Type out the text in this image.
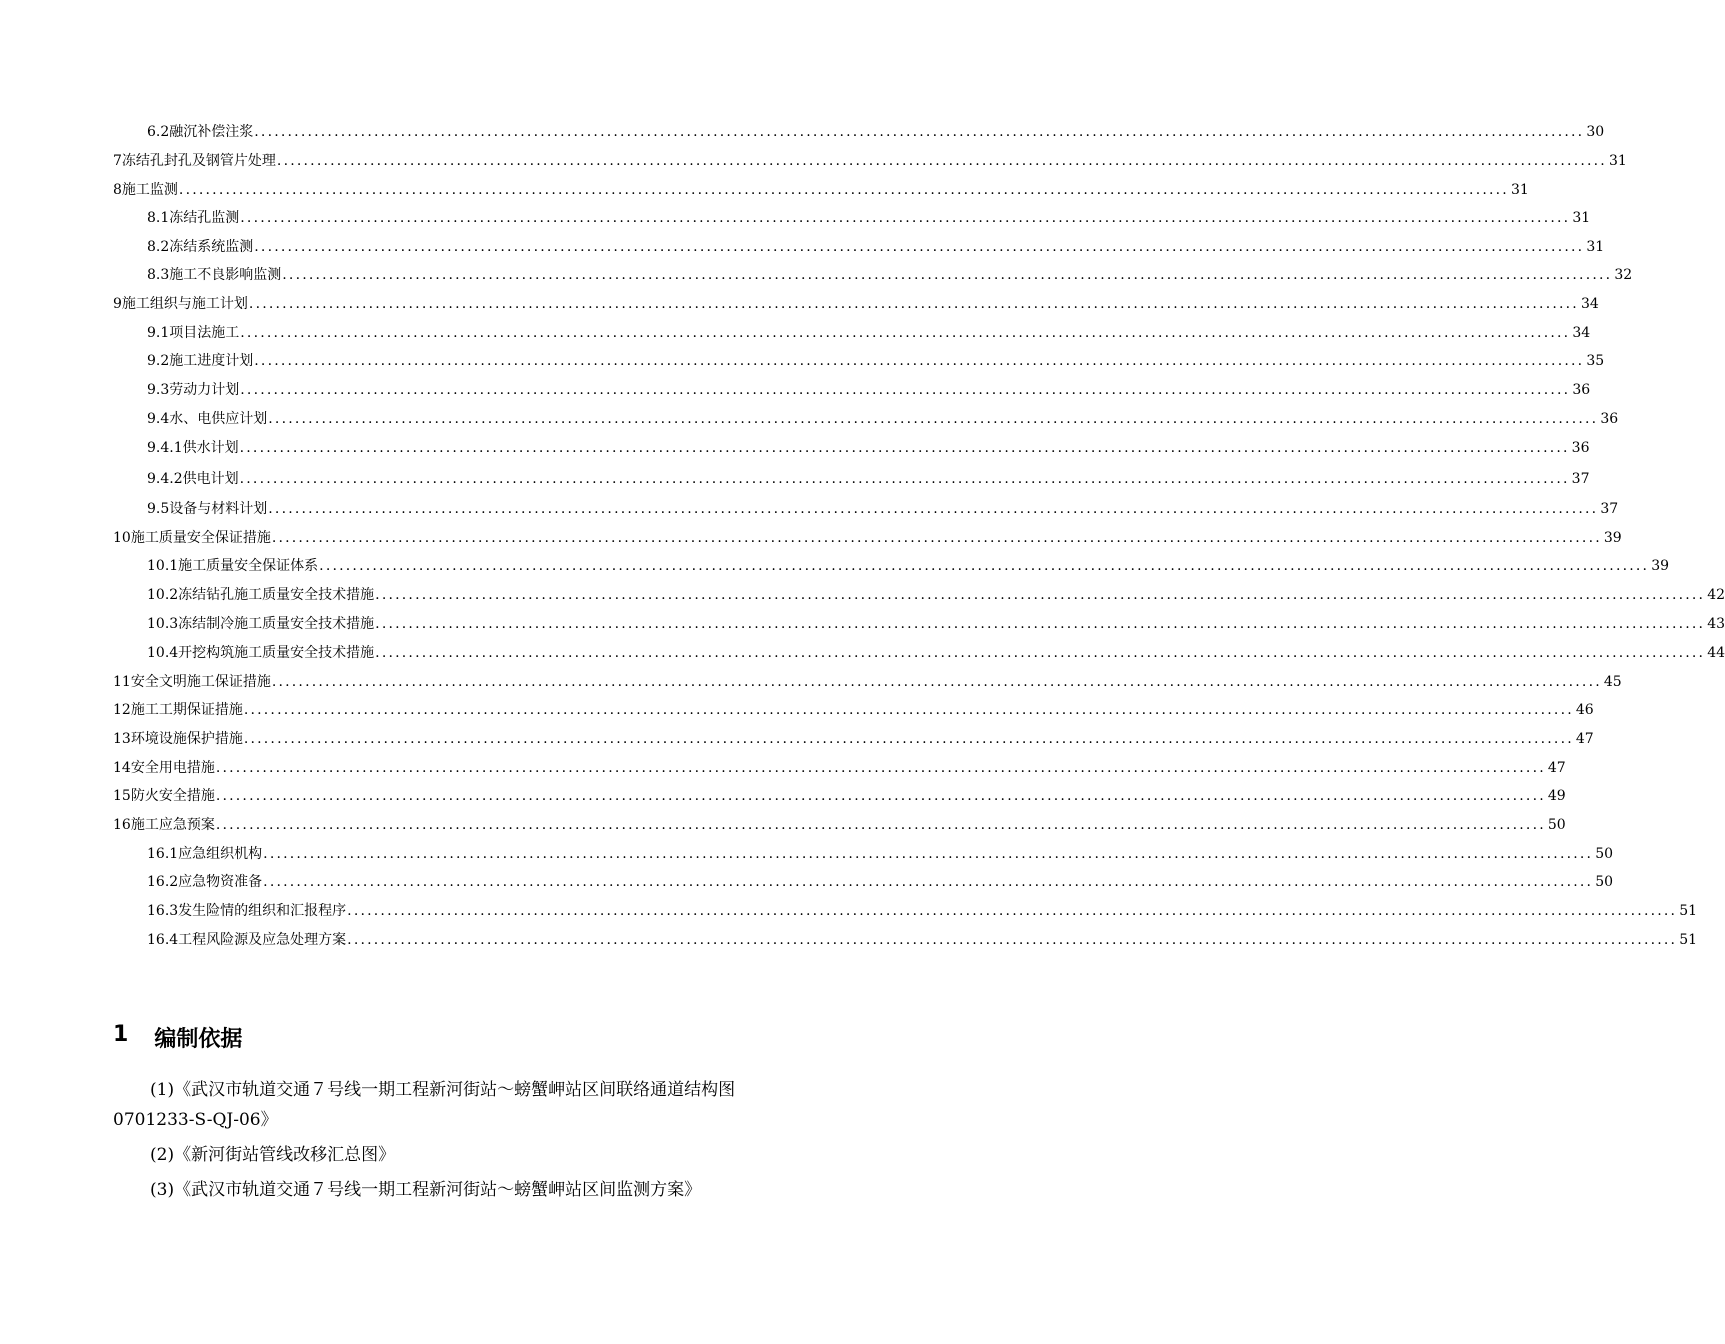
6.2 融沉补偿注浆 ........................................................................................................................................................................................................ 30
7 冻结孔封孔及钢管片处理 ........................................................................................................................................................................................................ 31
8 施工监测 ........................................................................................................................................................................................................ 31
8.1 冻结孔监测 ........................................................................................................................................................................................................ 31
8.2 冻结系统监测 ........................................................................................................................................................................................................ 31
8.3 施工不良影响监测 ........................................................................................................................................................................................................ 32
9 施工组织与施工计划 ........................................................................................................................................................................................................ 34
9.1 项目法施工 ........................................................................................................................................................................................................ 34
9.2 施工进度计划 ........................................................................................................................................................................................................ 35
9.3 劳动力计划 ........................................................................................................................................................................................................ 36
9.4 水、电供应计划 ........................................................................................................................................................................................................ 36
9.4.1 供水计划 ........................................................................................................................................................................................................ 36
9.4.2 供电计划 ........................................................................................................................................................................................................ 37
9.5 设备与材料计划 ........................................................................................................................................................................................................ 37
10 施工质量安全保证措施 ........................................................................................................................................................................................................ 39
10.1 施工质量安全保证体系 ........................................................................................................................................................................................................ 39
10.2 冻结钻孔施工质量安全技术措施 ........................................................................................................................................................................................................ 42
10.3 冻结制冷施工质量安全技术措施 ........................................................................................................................................................................................................ 43
10.4 开挖构筑施工质量安全技术措施 ........................................................................................................................................................................................................ 44
11 安全文明施工保证措施 ........................................................................................................................................................................................................ 45
12 施工工期保证措施 ........................................................................................................................................................................................................ 46
13 环境设施保护措施 ........................................................................................................................................................................................................ 47
14 安全用电措施 ........................................................................................................................................................................................................ 47
15 防火安全措施 ........................................................................................................................................................................................................ 49
16 施工应急预案 ........................................................................................................................................................................................................ 50
16.1 应急组织机构 ........................................................................................................................................................................................................ 50
16.2 应急物资准备 ........................................................................................................................................................................................................ 50
16.3 发生险情的组织和汇报程序 ........................................................................................................................................................................................................ 51
16.4 工程风险源及应急处理方案 ........................................................................................................................................................................................................ 51
1 编制依据
(1)《武汉市轨道交通７号线一期工程新河街站～螃蟹岬站区间联络通道结构图
0701233-S-QJ-06》
(2)《新河街站管线改移汇总图》
(3)《武汉市轨道交通７号线一期工程新河街站～螃蟹岬站区间监测方案》
